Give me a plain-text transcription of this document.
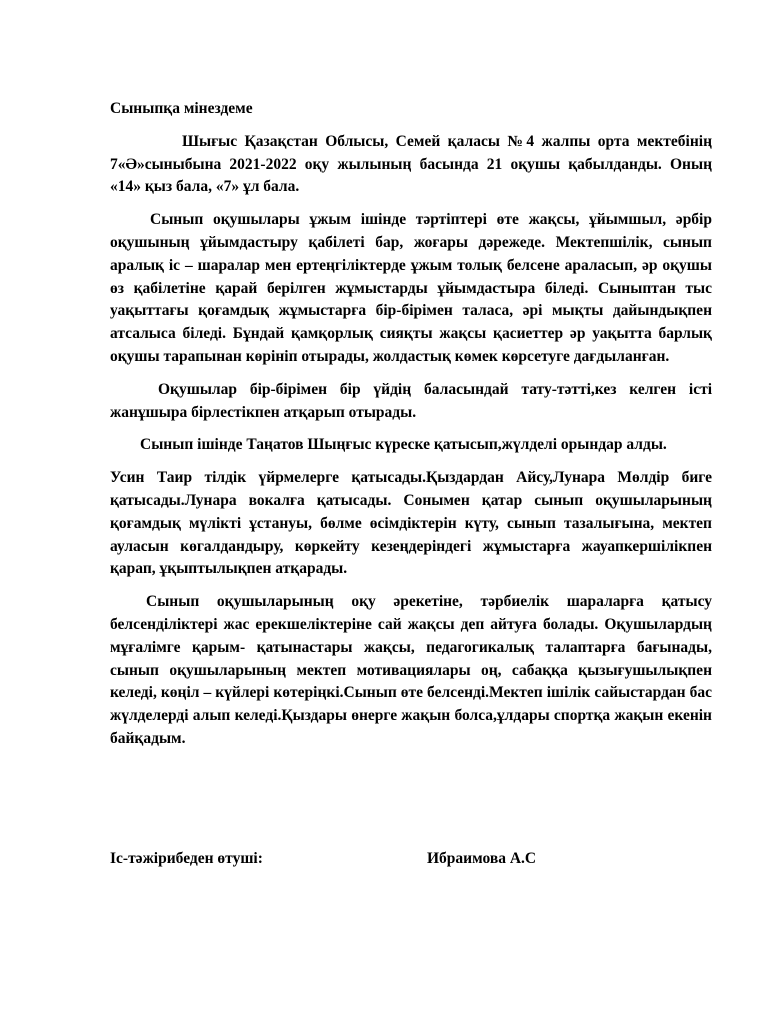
Сыныпқа мінездеме

Шығыс Қазақстан Облысы, Семей қаласы №4 жалпы орта мектебінің 7«Ә»сыныбына 2021-2022 оқу жылының басында 21 оқушы қабылданды. Оның «14» қыз бала, «7» ұл бала.

Сынып оқушылары ұжым ішінде тәртіптері өте жақсы, ұйымшыл, әрбір оқушының ұйымдастыру қабілеті бар, жоғары дәрежеде. Мектепшілік, сынып аралық іс – шаралар мен ертеңгіліктерде ұжым толық белсене араласып, әр оқушы өз қабілетіне қарай берілген жұмыстарды ұйымдастыра біледі. Сыныптан тыс уақыттағы қоғамдық жұмыстарға бір-бірімен таласа, әрі мықты дайындықпен атсалыса біледі. Бұндай қамқорлық сияқты жақсы қасиеттер әр уақытта барлық оқушы тарапынан көрініп отырады, жолдастық көмек көрсетуге дағдыланған.

Оқушылар бір-бірімен бір үйдің баласындай тату-тәтті,кез келген істі жанұшыра бірлестікпен атқарып отырады.

Сынып ішінде Таңатов Шыңғыс күреске қатысып,жүлделі орындар алды.

Усин Таир тілдік үйрмелерге қатысады.Қыздардан Айсу,Лунара Мөлдір биге қатысады.Лунара вокалға қатысады. Сонымен қатар сынып оқушыларының қоғамдық мүлікті ұстануы, бөлме өсімдіктерін күту, сынып тазалығына, мектеп ауласын көгалдандыру, көркейту кезеңдеріндегі жұмыстарға жауапкершілікпен қарап, ұқыптылықпен атқарады.

Сынып оқушыларының оқу әрекетіне, тәрбиелік шараларға қатысу белсенділіктері жас ерекшеліктеріне сай жақсы деп айтуға болады. Оқушылардың мұғалімге қарым- қатынастары жақсы, педагогикалық талаптарға бағынады, сынып оқушыларының мектеп мотивациялары оң, сабаққа қызығушылықпен келеді, көңіл – күйлері көтеріңкі.Сынып өте белсенді.Мектеп ішілік сайыстардан бас жүлделерді алып келеді.Қыздары өнерге жақын болса,ұлдары спортқа жақын екенін байқадым.

Іс-тәжірибеден өтуші:	Ибраимова А.С
